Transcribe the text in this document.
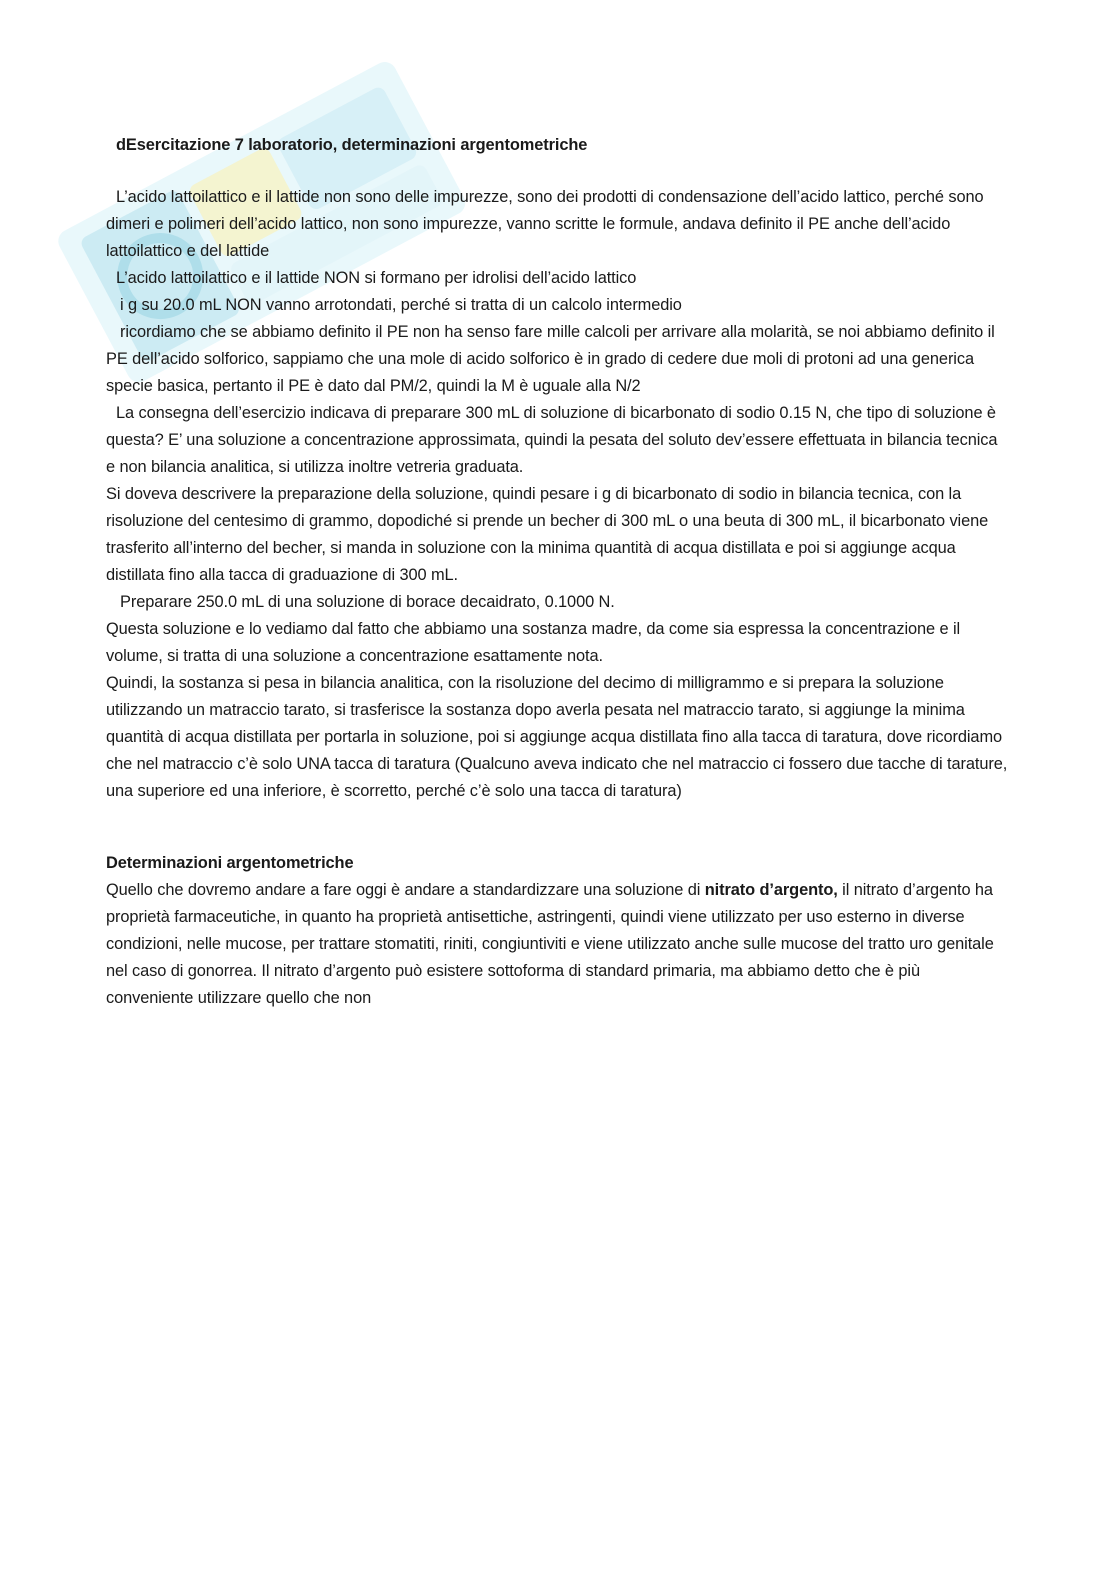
dEsercitazione 7 laboratorio, determinazioni argentometriche

L’acido lattoilattico e il lattide non sono delle impurezze, sono dei prodotti di condensazione dell’acido lattico, perché sono dimeri e polimeri dell’acido lattico, non sono impurezze, vanno scritte le formule, andava definito il PE anche dell’acido lattoilattico e del lattide

L’acido lattoilattico e il lattide NON si formano per idrolisi dell’acido lattico

i g su 20.0 mL NON vanno arrotondati, perché si tratta di un calcolo intermedio

ricordiamo che se abbiamo definito il PE non ha senso fare mille calcoli per arrivare alla molarità, se noi abbiamo definito il PE dell’acido solforico, sappiamo che una mole di acido solforico è in grado di cedere due moli di protoni ad una generica specie basica, pertanto il PE è dato dal PM/2, quindi la M è uguale alla N/2

La consegna dell’esercizio indicava di preparare 300 mL di soluzione di bicarbonato di sodio 0.15 N, che tipo di soluzione è questa? E’ una soluzione a concentrazione approssimata, quindi la pesata del soluto dev’essere effettuata in bilancia tecnica e non bilancia analitica, si utilizza inoltre vetreria graduata.

Si doveva descrivere la preparazione della soluzione, quindi pesare i g di bicarbonato di sodio in bilancia tecnica, con la risoluzione del centesimo di grammo, dopodiché si prende un becher di 300 mL o una beuta di 300 mL, il bicarbonato viene trasferito all’interno del becher, si manda in soluzione con la minima quantità di acqua distillata e poi si aggiunge acqua distillata fino alla tacca di graduazione di 300 mL.

Preparare 250.0 mL di una soluzione di borace decaidrato, 0.1000 N.

Questa soluzione e lo vediamo dal fatto che abbiamo una sostanza madre, da come sia espressa la concentrazione e il volume, si tratta di una soluzione a concentrazione esattamente nota.

Quindi, la sostanza si pesa in bilancia analitica, con la risoluzione del decimo di milligrammo e si prepara la soluzione utilizzando un matraccio tarato, si trasferisce la sostanza dopo averla pesata nel matraccio tarato, si aggiunge la minima quantità di acqua distillata per portarla in soluzione, poi si aggiunge acqua distillata fino alla tacca di taratura, dove ricordiamo che nel matraccio c’è solo UNA tacca di taratura (Qualcuno aveva indicato che nel matraccio ci fossero due tacche di tarature, una superiore ed una inferiore, è scorretto, perché c’è solo una tacca di taratura)

Determinazioni argentometriche

Quello che dovremo andare a fare oggi è andare a standardizzare una soluzione di nitrato d’argento, il nitrato d’argento ha proprietà farmaceutiche, in quanto ha proprietà antisettiche, astringenti, quindi viene utilizzato per uso esterno in diverse condizioni, nelle mucose, per trattare stomatiti, riniti, congiuntiviti e viene utilizzato anche sulle mucose del tratto uro genitale nel caso di gonorrea. Il nitrato d’argento può esistere sottoforma di standard primaria, ma abbiamo detto che è più conveniente utilizzare quello che non
